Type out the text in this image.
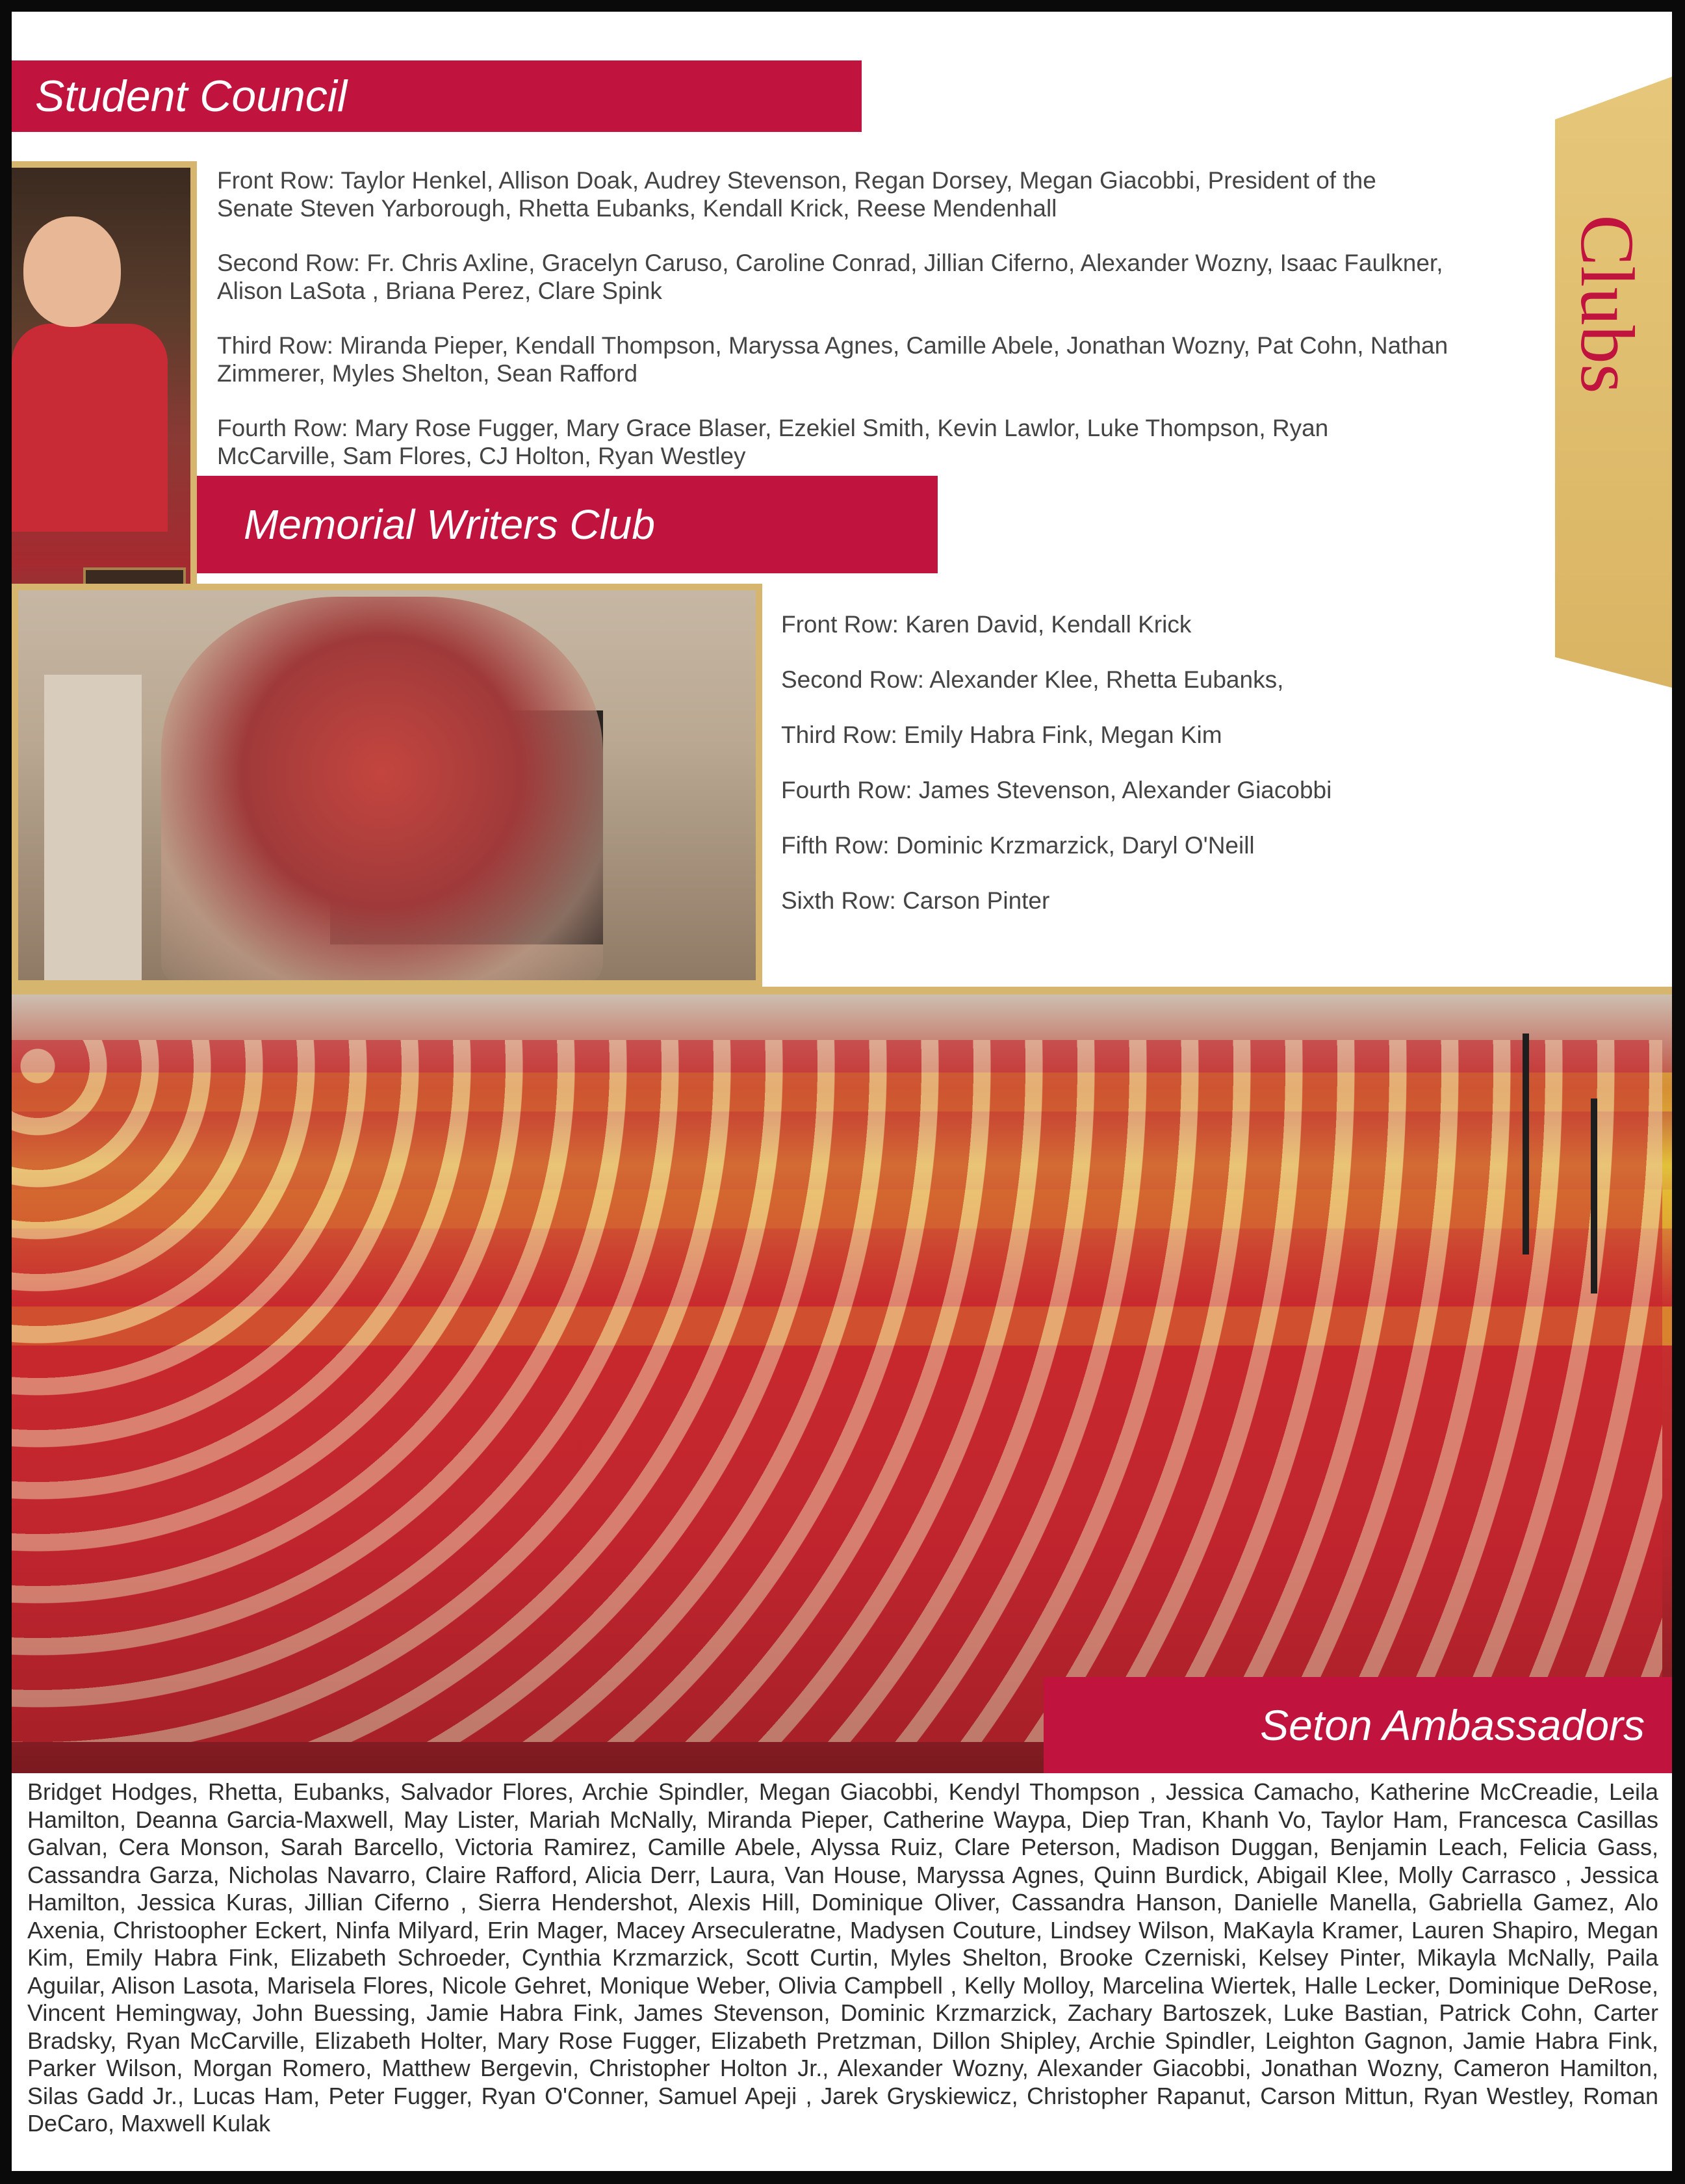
Clubs
Student Council

Front Row: Taylor Henkel, Allison Doak, Audrey Stevenson, Regan Dorsey, Megan Giacobbi, President of the Senate Steven Yarborough, Rhetta Eubanks, Kendall Krick, Reese Mendenhall

Second Row: Fr. Chris Axline, Gracelyn Caruso, Caroline Conrad, Jillian Ciferno, Alexander Wozny, Isaac Faulkner, Alison LaSota , Briana Perez, Clare Spink

Third Row: Miranda Pieper, Kendall Thompson, Maryssa Agnes, Camille Abele, Jonathan Wozny, Pat Cohn, Nathan Zimmerer, Myles Shelton, Sean Rafford

Fourth Row: Mary Rose Fugger, Mary Grace Blaser, Ezekiel Smith, Kevin Lawlor, Luke Thompson, Ryan McCarville, Sam Flores, CJ Holton, Ryan Westley

Memorial Writers Club

Front Row: Karen David, Kendall Krick

Second Row: Alexander Klee, Rhetta Eubanks,

Third Row: Emily Habra Fink, Megan Kim

Fourth Row: James Stevenson, Alexander Giacobbi

Fifth Row: Dominic Krzmarzick, Daryl O'Neill

Sixth Row: Carson Pinter

Seton Ambassadors
Bridget Hodges, Rhetta, Eubanks, Salvador Flores, Archie Spindler, Megan Giacobbi, Kendyl Thompson , Jessica Camacho, Katherine McCreadie, Leila Hamilton, Deanna Garcia-Maxwell, May Lister, Mariah McNally, Miranda Pieper, Catherine Waypa, Diep Tran, Khanh Vo, Taylor Ham, Francesca Casillas Galvan, Cera Monson, Sarah Barcello, Victoria Ramirez, Camille Abele, Alyssa Ruiz, Clare Peterson, Madison Duggan, Benjamin Leach, Felicia Gass, Cassandra Garza, Nicholas Navarro, Claire Rafford, Alicia Derr, Laura, Van House, Maryssa Agnes, Quinn Burdick, Abigail Klee, Molly Carrasco , Jessica Hamilton, Jessica Kuras, Jillian Ciferno , Sierra Hendershot, Alexis Hill, Dominique Oliver, Cassandra Hanson, Danielle Manella, Gabriella Gamez, Alo Axenia, Christoopher Eckert, Ninfa Milyard, Erin Mager, Macey Arseculeratne, Madysen Couture, Lindsey Wilson, MaKayla Kramer, Lauren Shapiro, Megan Kim, Emily Habra Fink, Elizabeth Schroeder, Cynthia Krzmarzick, Scott Curtin, Myles Shelton, Brooke Czerniski, Kelsey Pinter, Mikayla McNally, Paila Aguilar, Alison Lasota, Marisela Flores, Nicole Gehret, Monique Weber, Olivia Campbell , Kelly Molloy, Marcelina Wiertek, Halle Lecker, Dominique DeRose, Vincent Hemingway, John Buessing, Jamie Habra Fink, James Stevenson, Dominic Krzmarzick, Zachary Bartoszek, Luke Bastian, Patrick Cohn, Carter Bradsky, Ryan McCarville, Elizabeth Holter, Mary Rose Fugger, Elizabeth Pretzman, Dillon Shipley, Archie Spindler, Leighton Gagnon, Jamie Habra Fink, Parker Wilson, Morgan Romero, Matthew Bergevin, Christopher Holton Jr., Alexander Wozny, Alexander Giacobbi, Jonathan Wozny, Cameron Hamilton, Silas Gadd Jr., Lucas Ham, Peter Fugger, Ryan O'Conner, Samuel Apeji , Jarek Gryskiewicz, Christopher Rapanut, Carson Mittun, Ryan Westley, Roman DeCaro, Maxwell Kulak
